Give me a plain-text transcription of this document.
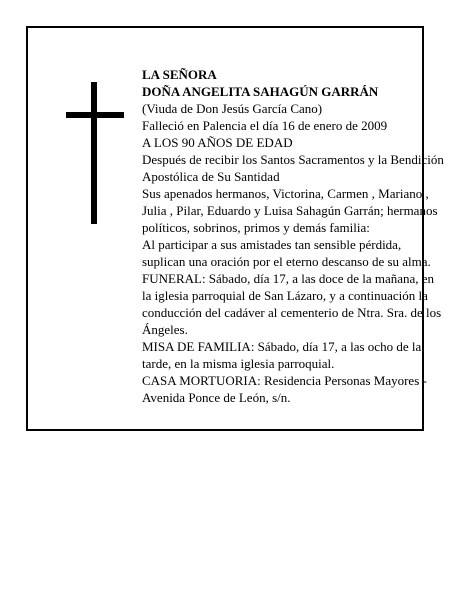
LA SEÑORA

DOÑA ANGELITA SAHAGÚN GARRÁN

(Viuda de Don Jesús García Cano)

Falleció en Palencia el día 16 de enero de 2009

A LOS 90 AÑOS DE EDAD

Después de recibir los Santos Sacramentos y la Bendición Apostólica de Su Santidad

Sus apenados hermanos, Victorina, Carmen , Mariano , Julia , Pilar, Eduardo y Luisa Sahagún Garrán; hermanos políticos, sobrinos, primos y demás familia:

Al participar a sus amistades tan sensible pérdida, suplican una oración por el eterno descanso de su alma.

FUNERAL: Sábado, día 17, a las doce de la mañana, en la iglesia parroquial de San Lázaro, y a continuación la conducción del cadáver al cementerio de Ntra. Sra. de los Ángeles.

MISA DE FAMILIA: Sábado, día 17, a las ocho de la tarde, en la misma iglesia parroquial.

CASA MORTUORIA: Residencia Personas Mayores - Avenida Ponce de León, s/n.
